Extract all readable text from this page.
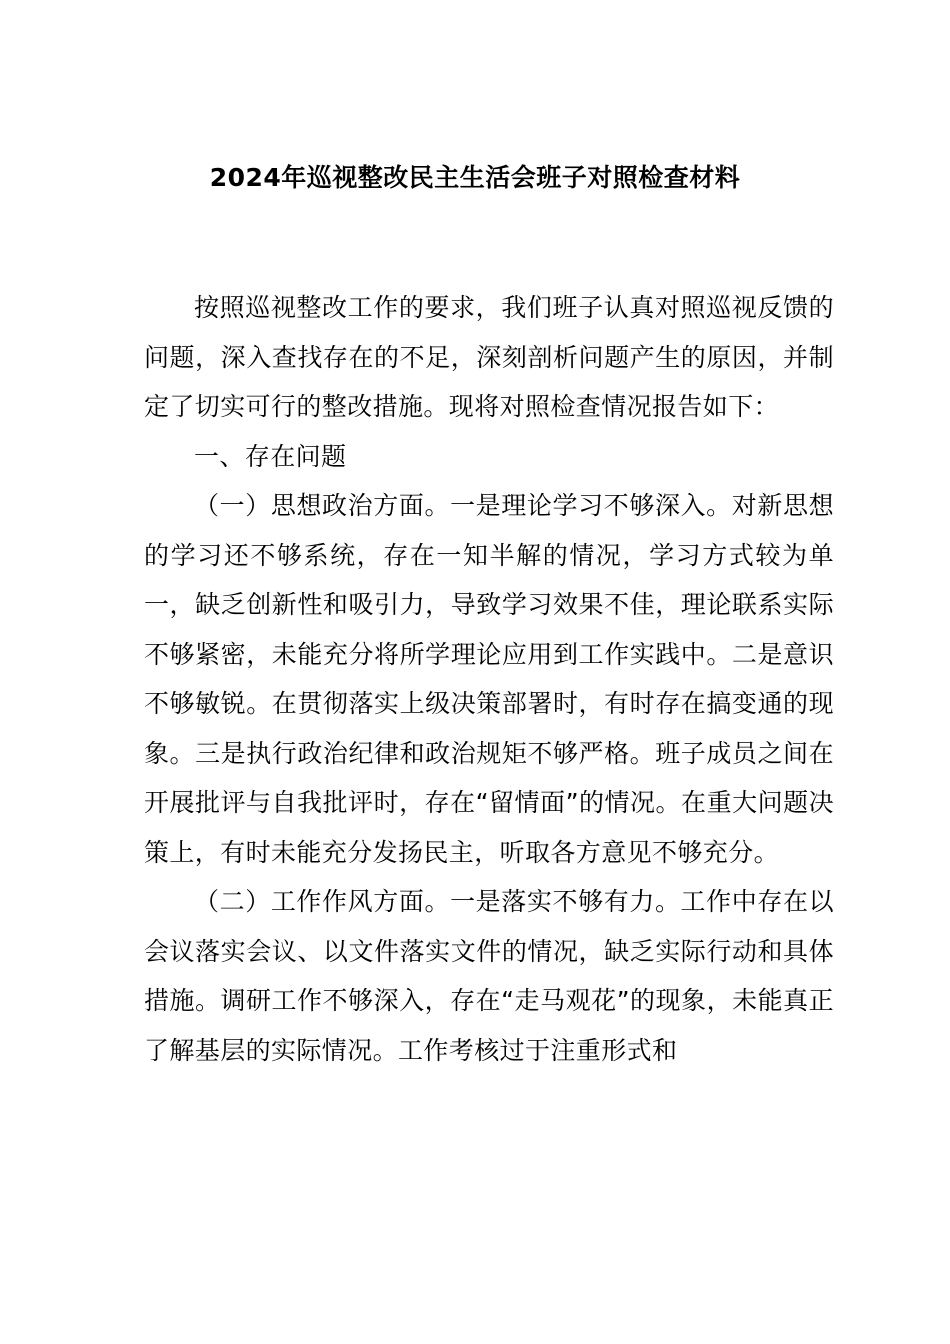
2024年巡视整改民主生活会班子对照检查材料

按照巡视整改工作的要求，我们班子认真对照巡视反馈的问题，深入查找存在的不足，深刻剖析问题产生的原因，并制定了切实可行的整改措施。现将对照检查情况报告如下：

一、存在问题

（一）思想政治方面。一是理论学习不够深入。对新思想的学习还不够系统，存在一知半解的情况，学习方式较为单一，缺乏创新性和吸引力，导致学习效果不佳，理论联系实际不够紧密，未能充分将所学理论应用到工作实践中。二是意识不够敏锐。在贯彻落实上级决策部署时，有时存在搞变通的现象。三是执行政治纪律和政治规矩不够严格。班子成员之间在开展批评与自我批评时，存在“留情面”的情况。在重大问题决策上，有时未能充分发扬民主，听取各方意见不够充分。

（二）工作作风方面。一是落实不够有力。工作中存在以会议落实会议、以文件落实文件的情况，缺乏实际行动和具体措施。调研工作不够深入，存在“走马观花”的现象，未能真正了解基层的实际情况。工作考核过于注重形式和
